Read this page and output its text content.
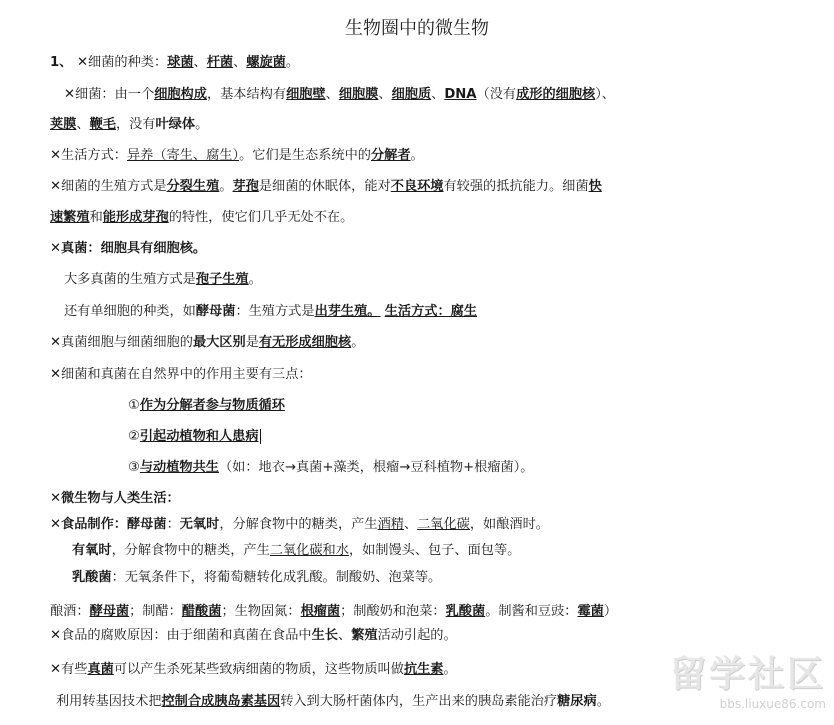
生物圈中的微生物
1、 ✕细菌的种类：球菌、杆菌、螺旋菌。
✕细菌：由一个细胞构成，基本结构有细胞壁、细胞膜、细胞质、DNA（没有成形的细胞核）、
荚膜、鞭毛，没有叶绿体。
✕生活方式：异养（寄生、腐生）。它们是生态系统中的分解者。
✕细菌的生殖方式是分裂生殖。芽孢是细菌的休眠体，能对不良环境有较强的抵抗能力。细菌快
速繁殖和能形成芽孢的特性，使它们几乎无处不在。
✕真菌：细胞具有细胞核。
大多真菌的生殖方式是孢子生殖。
还有单细胞的种类，如酵母菌：生殖方式是出芽生殖。 生活方式：腐生
✕真菌细胞与细菌细胞的最大区别是有无形成细胞核。
✕细菌和真菌在自然界中的作用主要有三点：
①作为分解者参与物质循环
②引起动植物和人患病
③与动植物共生（如：地衣→真菌+藻类，根瘤→豆科植物+根瘤菌）。
✕微生物与人类生活：
✕食品制作：酵母菌：无氧时，分解食物中的糖类，产生酒精、二氧化碳，如酿酒时。
有氧时，分解食物中的糖类，产生二氧化碳和水，如制馒头、包子、面包等。
乳酸菌：无氧条件下，将葡萄糖转化成乳酸。制酸奶、泡菜等。
酿酒：酵母菌；制醋：醋酸菌；生物固氮：根瘤菌；制酸奶和泡菜：乳酸菌。制酱和豆豉：霉菌）
✕食品的腐败原因：由于细菌和真菌在食品中生长、繁殖活动引起的。
✕有些真菌可以产生杀死某些致病细菌的物质，这些物质叫做抗生素。
利用转基因技术把控制合成胰岛素基因转入到大肠杆菌体内，生产出来的胰岛素能治疗糖尿病。
留学社区
bbs.liuxue86.com
